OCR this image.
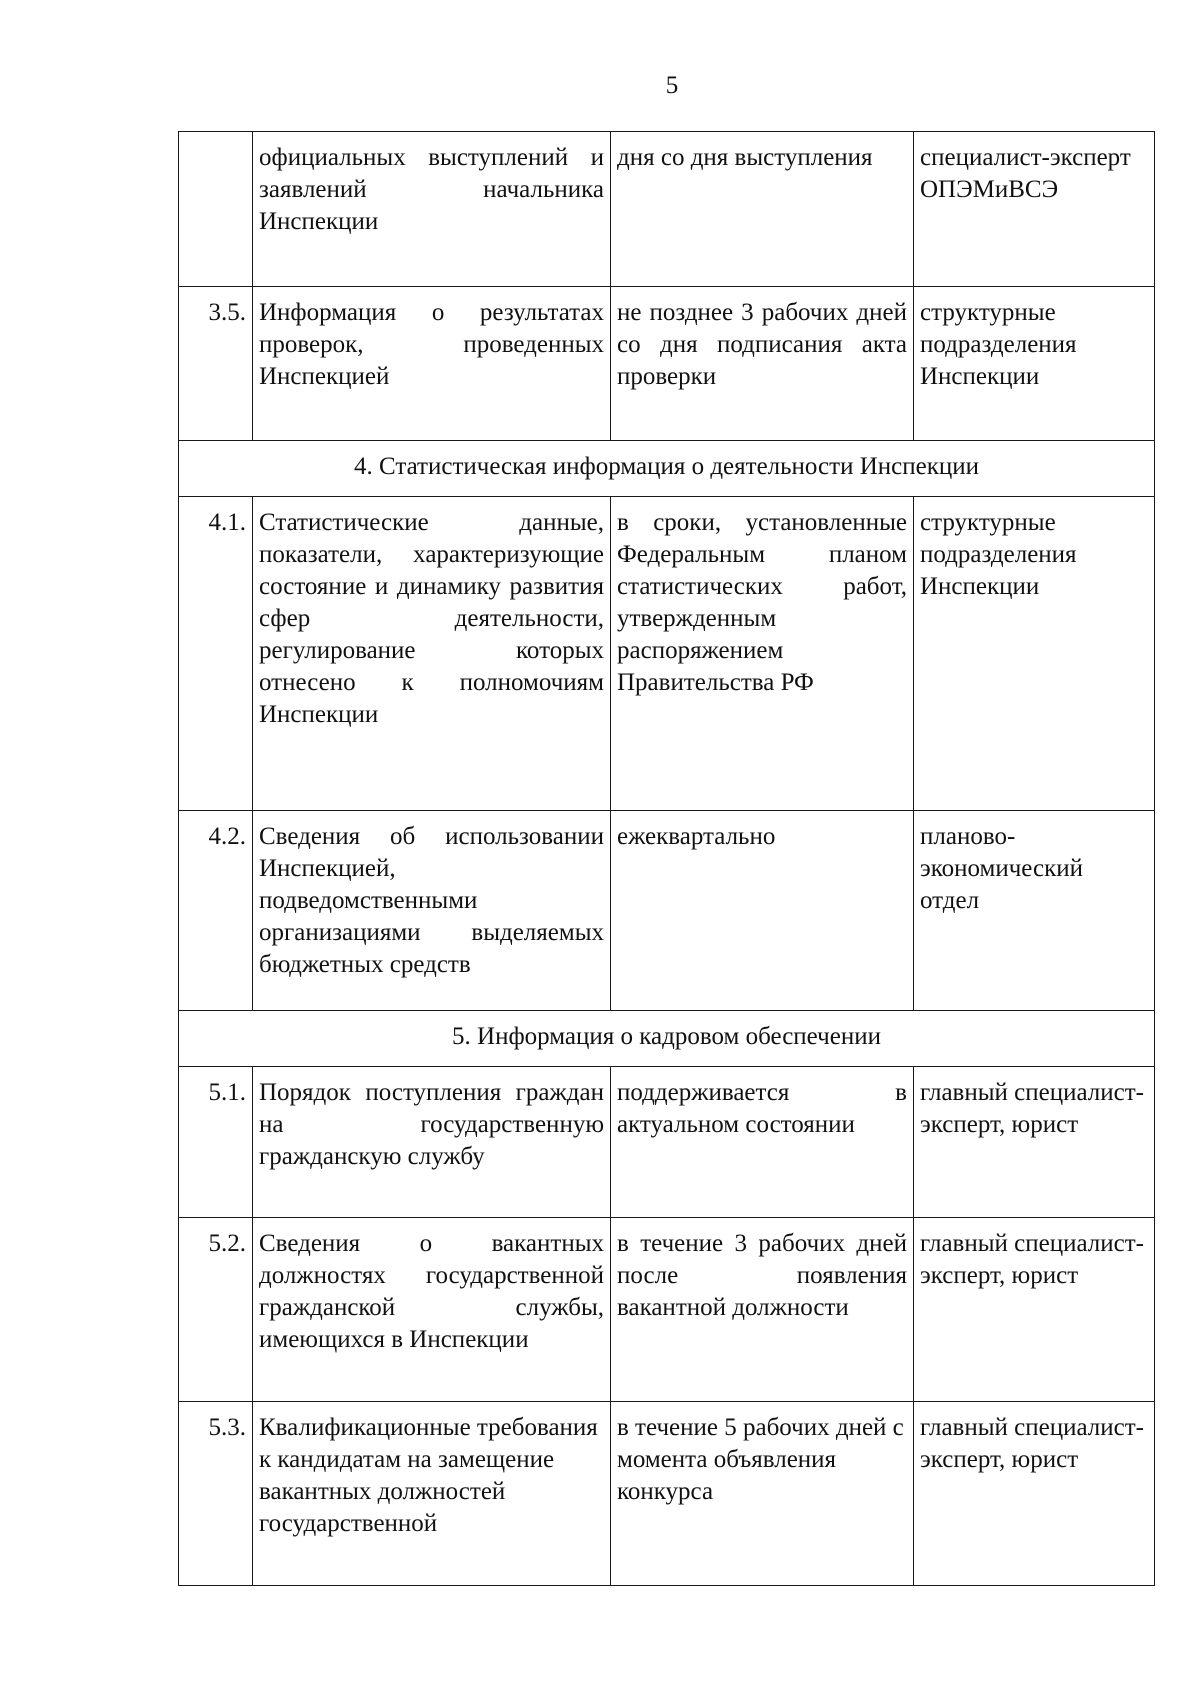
5
	официальных выступлений и заявлений начальника Инспекции	дня со дня выступления	специалист-эксперт ОПЭМиВСЭ
3.5.	Информация о результатах проверок, проведенных Инспекцией	не позднее 3 рабочих дней со дня подписания акта проверки	структурные подразделения Инспекции
4. Статистическая информация о деятельности Инспекции			
4.1.	Статистические данные, показатели, характеризующие состояние и динамику развития сфер деятельности, регулирование которых отнесено к полномочиям Инспекции	в сроки, установленные Федеральным планом статистических работ, утвержденным распоряжением Правительства РФ	структурные подразделения Инспекции
4.2.	Сведения об использовании Инспекцией, подведомственными организациями выделяемых бюджетных средств	ежеквартально	планово-экономический отдел
5. Информация о кадровом обеспечении			
5.1.	Порядок поступления граждан на государственную гражданскую службу	поддерживается в актуальном состоянии	главный специалист-эксперт, юрист
5.2.	Сведения о вакантных должностях государственной гражданской службы, имеющихся в Инспекции	в течение 3 рабочих дней после появления вакантной должности	главный специалист-эксперт, юрист
5.3.	Квалификационные требования к кандидатам на замещение вакантных должностей государственной	в течение 5 рабочих дней с момента объявления конкурса	главный специалист-эксперт, юрист
